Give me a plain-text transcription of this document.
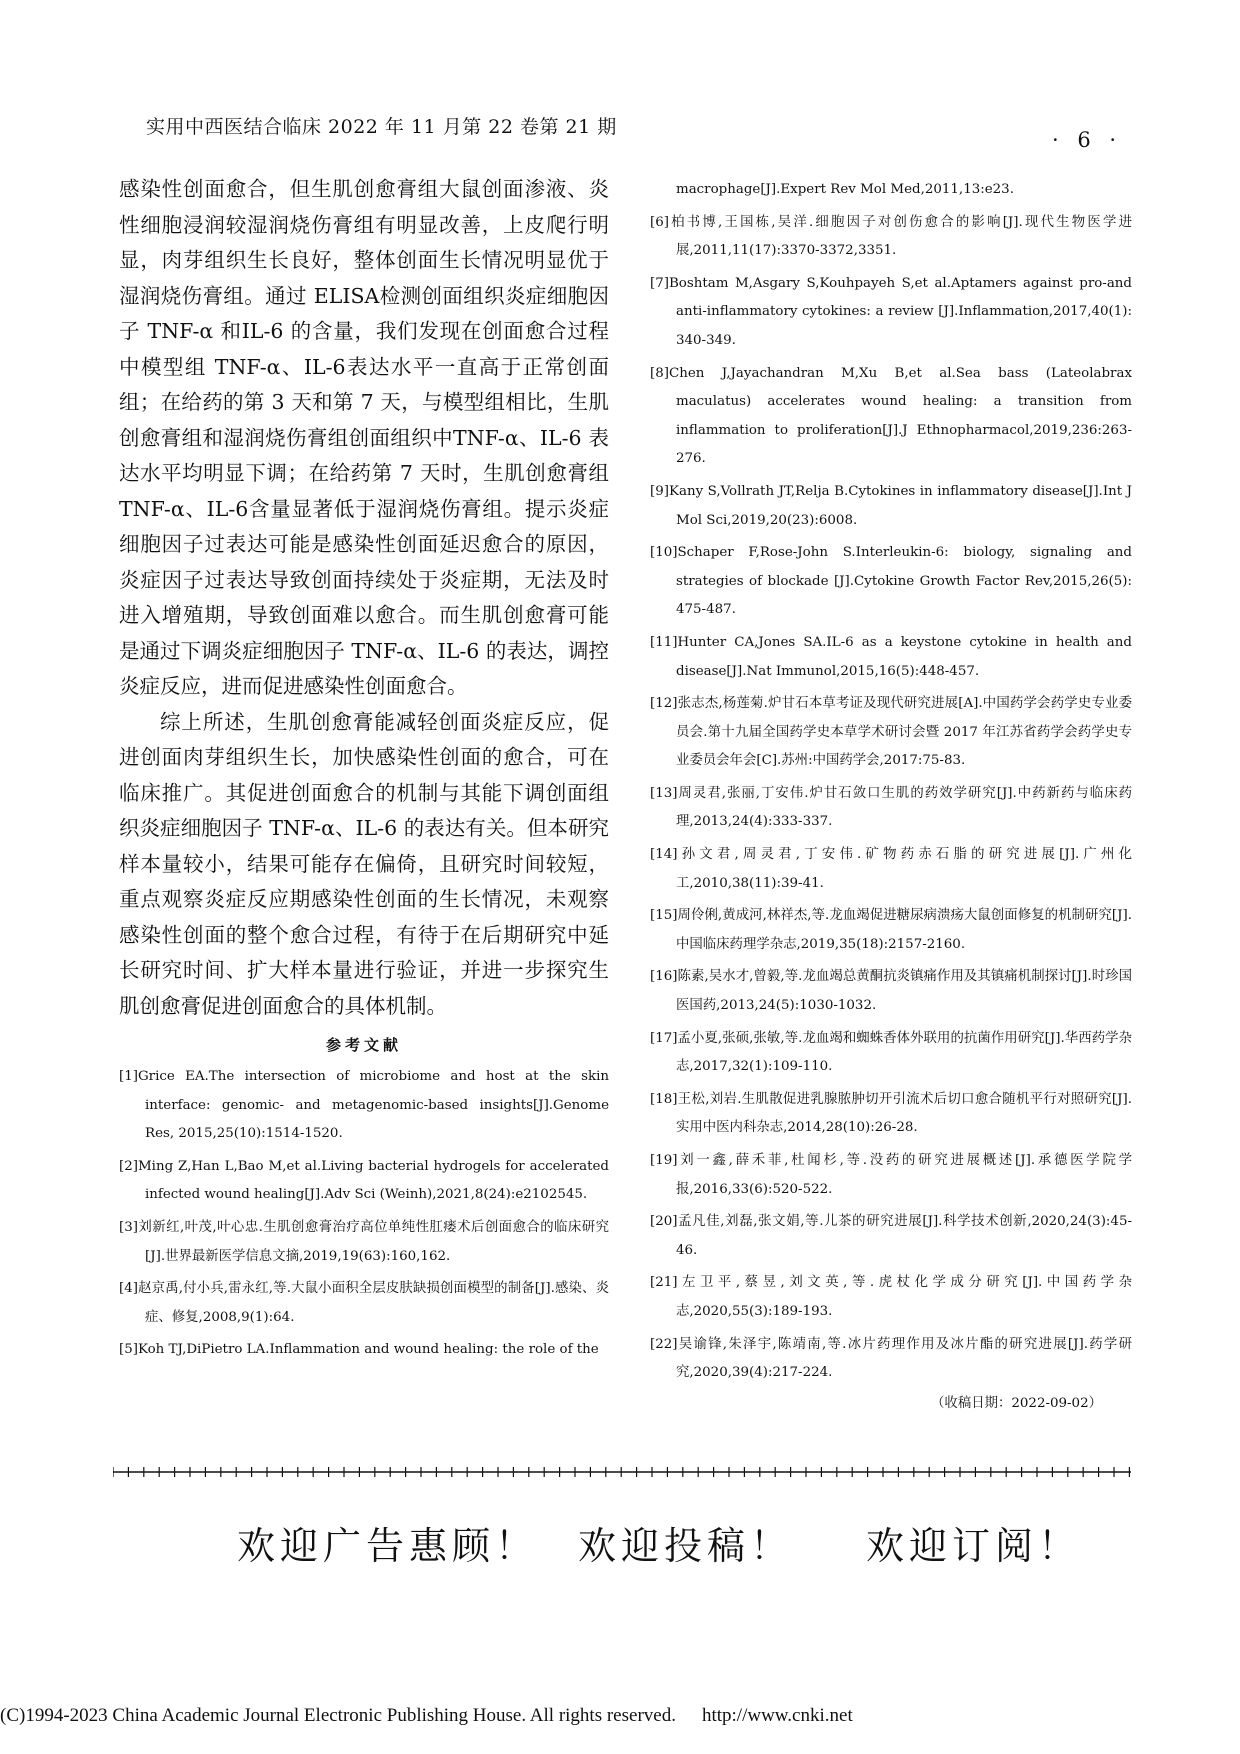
实用中西医结合临床 2022 年 11 月第 22 卷第 21 期
· 6 ·

感染性创面愈合，但生肌创愈膏组大鼠创面渗液、炎性细胞浸润较湿润烧伤膏组有明显改善，上皮爬行明显，肉芽组织生长良好，整体创面生长情况明显优于湿润烧伤膏组。通过 ELISA检测创面组织炎症细胞因子 TNF-α 和IL-6 的含量，我们发现在创面愈合过程中模型组 TNF-α、IL-6表达水平一直高于正常创面组；在给药的第 3 天和第 7 天，与模型组相比，生肌创愈膏组和湿润烧伤膏组创面组织中TNF-α、IL-6 表达水平均明显下调；在给药第 7 天时，生肌创愈膏组 TNF-α、IL-6含量显著低于湿润烧伤膏组。提示炎症细胞因子过表达可能是感染性创面延迟愈合的原因，炎症因子过表达导致创面持续处于炎症期，无法及时进入增殖期，导致创面难以愈合。而生肌创愈膏可能是通过下调炎症细胞因子 TNF-α、IL-6 的表达，调控炎症反应，进而促进感染性创面愈合。

综上所述，生肌创愈膏能减轻创面炎症反应，促进创面肉芽组织生长，加快感染性创面的愈合，可在临床推广。其促进创面愈合的机制与其能下调创面组织炎症细胞因子 TNF-α、IL-6 的表达有关。但本研究样本量较小，结果可能存在偏倚，且研究时间较短，重点观察炎症反应期感染性创面的生长情况，未观察感染性创面的整个愈合过程，有待于在后期研究中延长研究时间、扩大样本量进行验证，并进一步探究生肌创愈膏促进创面愈合的具体机制。

参考文献
[1]Grice EA.The intersection of microbiome and host at the skin interface: genomic- and metagenomic-based insights[J].Genome Res, 2015,25(10):1514-1520.
[2]Ming Z,Han L,Bao M,et al.Living bacterial hydrogels for accelerated infected wound healing[J].Adv Sci (Weinh),2021,8(24):e2102545.
[3]刘新红,叶茂,叶心忠.生肌创愈膏治疗高位单纯性肛瘘术后创面愈合的临床研究[J].世界最新医学信息文摘,2019,19(63):160,162.
[4]赵京禹,付小兵,雷永红,等.大鼠小面积全层皮肤缺损创面模型的制备[J].感染、炎症、修复,2008,9(1):64.
[5]Koh TJ,DiPietro LA.Inflammation and wound healing: the role of the
macrophage[J].Expert Rev Mol Med,2011,13:e23.
[6]柏书博,王国栋,吴洋.细胞因子对创伤愈合的影响[J].现代生物医学进展,2011,11(17):3370-3372,3351.
[7]Boshtam M,Asgary S,Kouhpayeh S,et al.Aptamers against pro-and anti-inflammatory cytokines: a review [J].Inflammation,2017,40(1): 340-349.
[8]Chen J,Jayachandran M,Xu B,et al.Sea bass (Lateolabrax maculatus) accelerates wound healing: a transition from inflammation to proliferation[J].J Ethnopharmacol,2019,236:263-276.
[9]Kany S,Vollrath JT,Relja B.Cytokines in inflammatory disease[J].Int J Mol Sci,2019,20(23):6008.
[10]Schaper F,Rose-John S.Interleukin-6: biology, signaling and strategies of blockade [J].Cytokine Growth Factor Rev,2015,26(5): 475-487.
[11]Hunter CA,Jones SA.IL-6 as a keystone cytokine in health and disease[J].Nat Immunol,2015,16(5):448-457.
[12]张志杰,杨莲菊.炉甘石本草考证及现代研究进展[A].中国药学会药学史专业委员会.第十九届全国药学史本草学术研讨会暨 2017 年江苏省药学会药学史专业委员会年会[C].苏州:中国药学会,2017:75-83.
[13]周灵君,张丽,丁安伟.炉甘石敛口生肌的药效学研究[J].中药新药与临床药理,2013,24(4):333-337.
[14]孙文君,周灵君,丁安伟.矿物药赤石脂的研究进展[J].广州化工,2010,38(11):39-41.
[15]周伶俐,黄成河,林祥杰,等.龙血竭促进糖尿病溃疡大鼠创面修复的机制研究[J].中国临床药理学杂志,2019,35(18):2157-2160.
[16]陈素,吴水才,曾毅,等.龙血竭总黄酮抗炎镇痛作用及其镇痛机制探讨[J].时珍国医国药,2013,24(5):1030-1032.
[17]孟小夏,张硕,张敏,等.龙血竭和蜘蛛香体外联用的抗菌作用研究[J].华西药学杂志,2017,32(1):109-110.
[18]王松,刘岩.生肌散促进乳腺脓肿切开引流术后切口愈合随机平行对照研究[J].实用中医内科杂志,2014,28(10):26-28.
[19]刘一鑫,薛禾菲,杜闻杉,等.没药的研究进展概述[J].承德医学院学报,2016,33(6):520-522.
[20]孟凡佳,刘磊,张文娟,等.儿茶的研究进展[J].科学技术创新,2020,24(3):45-46.
[21]左卫平,蔡昱,刘文英,等.虎杖化学成分研究[J].中国药学杂志,2020,55(3):189-193.
[22]吴谕锋,朱泽宇,陈靖南,等.冰片药理作用及冰片酯的研究进展[J].药学研究,2020,39(4):217-224.
（收稿日期：2022-09-02）
欢迎广告惠顾！ 欢迎投稿！ 欢迎订阅！
(C)1994-2023 China Academic Journal Electronic Publishing House. All rights reserved. http://www.cnki.net
